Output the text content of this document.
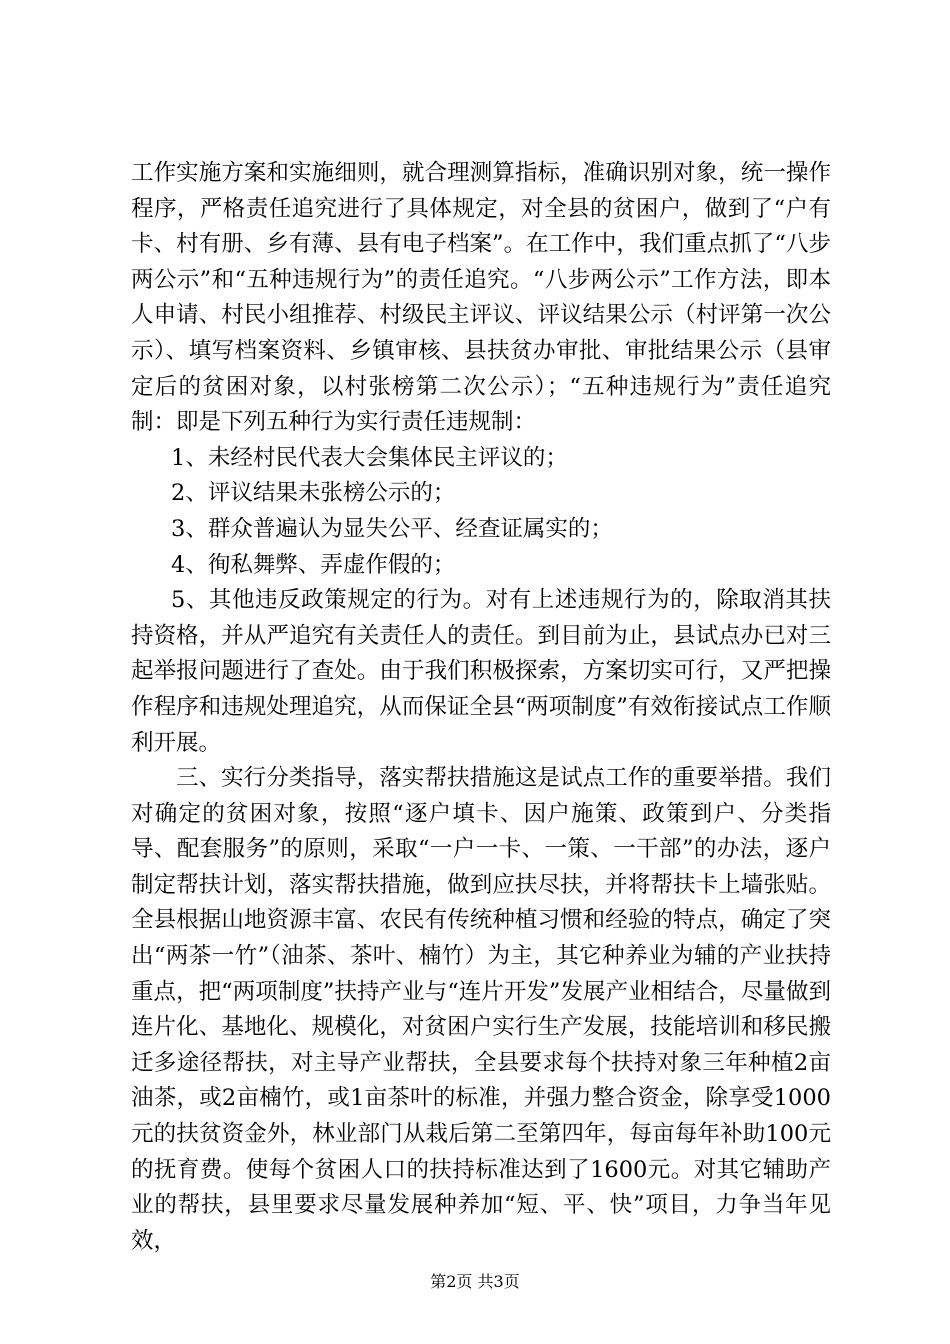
工作实施方案和实施细则，就合理测算指标，准确识别对象，统一操作程序，严格责任追究进行了具体规定，对全县的贫困户，做到了“户有卡、村有册、乡有薄、县有电子档案”。在工作中，我们重点抓了“八步两公示”和“五种违规行为”的责任追究。“八步两公示”工作方法，即本人申请、村民小组推荐、村级民主评议、评议结果公示（村评第一次公示）、填写档案资料、乡镇审核、县扶贫办审批、审批结果公示（县审定后的贫困对象，以村张榜第二次公示）；“五种违规行为”责任追究制：即是下列五种行为实行责任违规制：

1、未经村民代表大会集体民主评议的；

2、评议结果未张榜公示的；

3、群众普遍认为显失公平、经查证属实的；

4、徇私舞弊、弄虚作假的；

5、其他违反政策规定的行为。对有上述违规行为的，除取消其扶持资格，并从严追究有关责任人的责任。到目前为止，县试点办已对三起举报问题进行了查处。由于我们积极探索，方案切实可行，又严把操作程序和违规处理追究，从而保证全县“两项制度”有效衔接试点工作顺利开展。

三、实行分类指导，落实帮扶措施这是试点工作的重要举措。我们对确定的贫困对象，按照“逐户填卡、因户施策、政策到户、分类指导、配套服务”的原则，采取“一户一卡、一策、一干部”的办法，逐户制定帮扶计划，落实帮扶措施，做到应扶尽扶，并将帮扶卡上墙张贴。全县根据山地资源丰富、农民有传统种植习惯和经验的特点，确定了突出“两茶一竹”（油茶、茶叶、楠竹）为主，其它种养业为辅的产业扶持重点，把“两项制度”扶持产业与“连片开发”发展产业相结合，尽量做到连片化、基地化、规模化，对贫困户实行生产发展，技能培训和移民搬迁多途径帮扶，对主导产业帮扶，全县要求每个扶持对象三年种植2亩油茶，或2亩楠竹，或1亩茶叶的标准，并强力整合资金，除享受1000元的扶贫资金外，林业部门从栽后第二至第四年，每亩每年补助100元的抚育费。使每个贫困人口的扶持标准达到了1600元。对其它辅助产业的帮扶，县里要求尽量发展种养加“短、平、快”项目，力争当年见效，

第2页 共3页
